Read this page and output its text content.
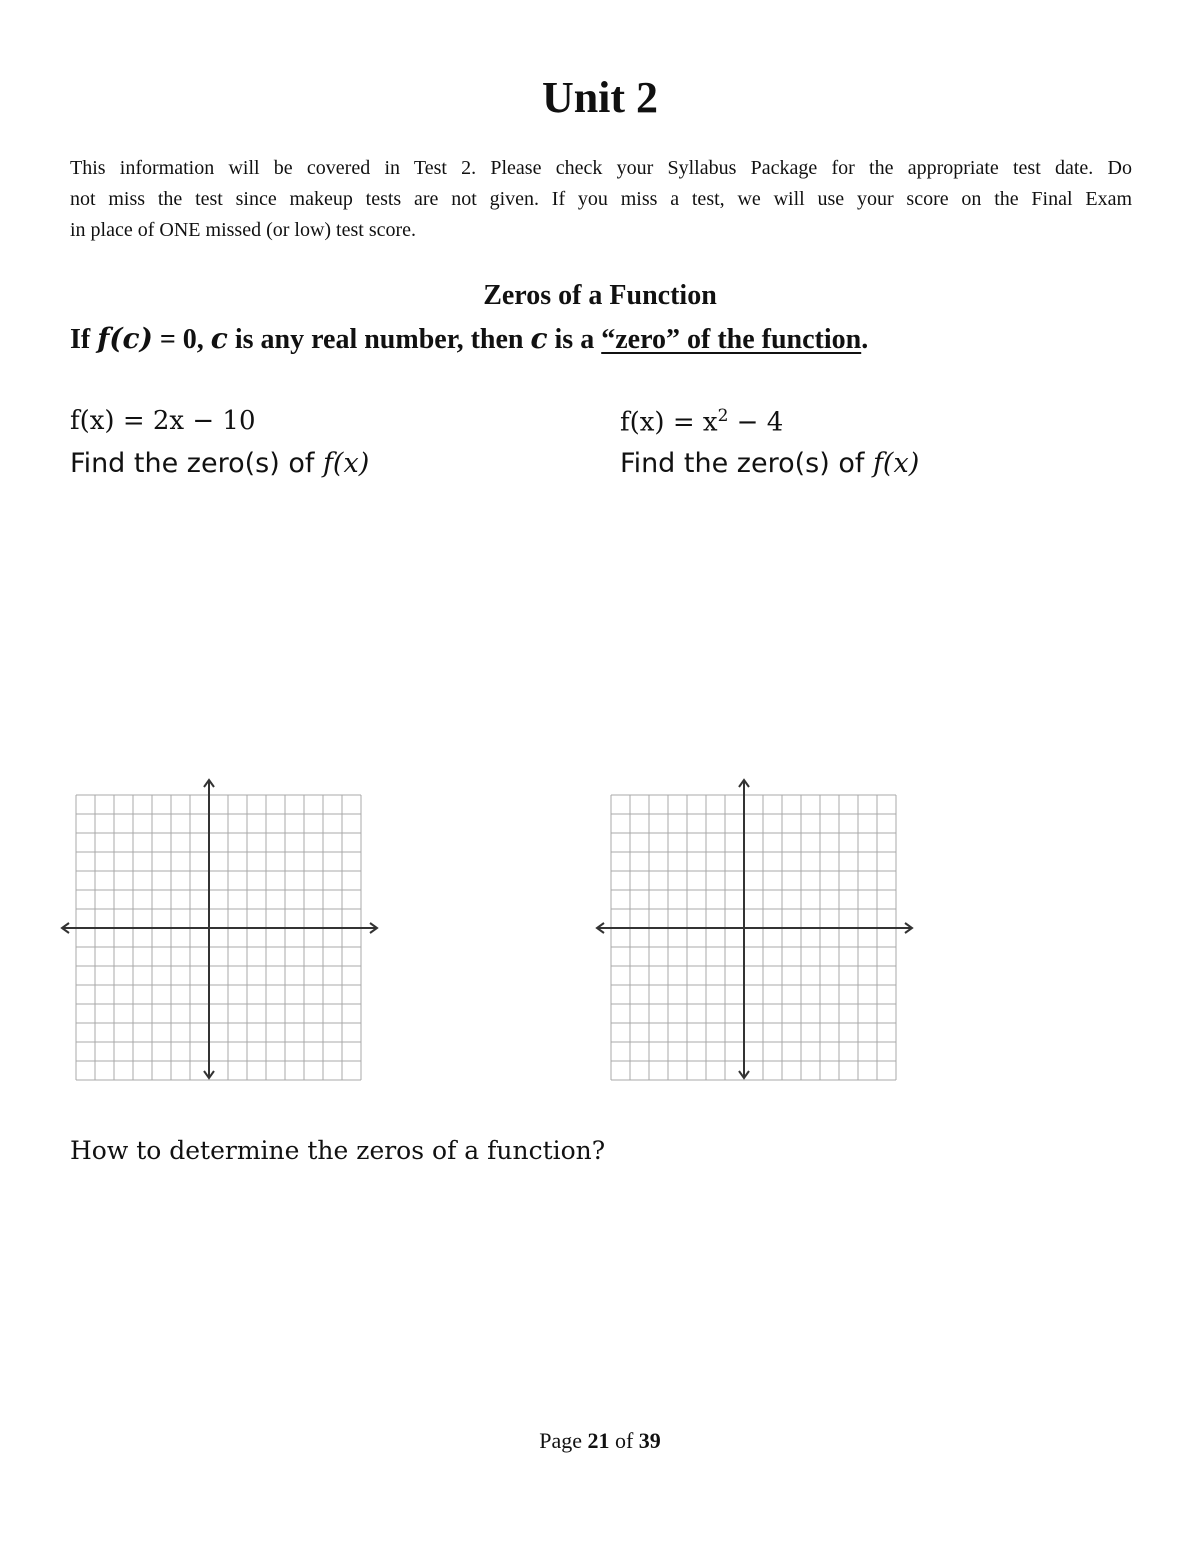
Unit 2
This information will be covered in Test 2. Please check your Syllabus Package for the appropriate test date. Do
not miss the test since makeup tests are not given. If you miss a test, we will use your score on the Final Exam
in place of ONE missed (or low) test score.
Zeros of a Function
If f(c) = 0, c is any real number, then c is a “zero” of the function.
f(x) = 2x − 10
Find the zero(s) of f(x)
$f(x) = x^2 - 4$
Find the zero(s) of f(x)
How to determine the zeros of a function?
Page 21 of 39
